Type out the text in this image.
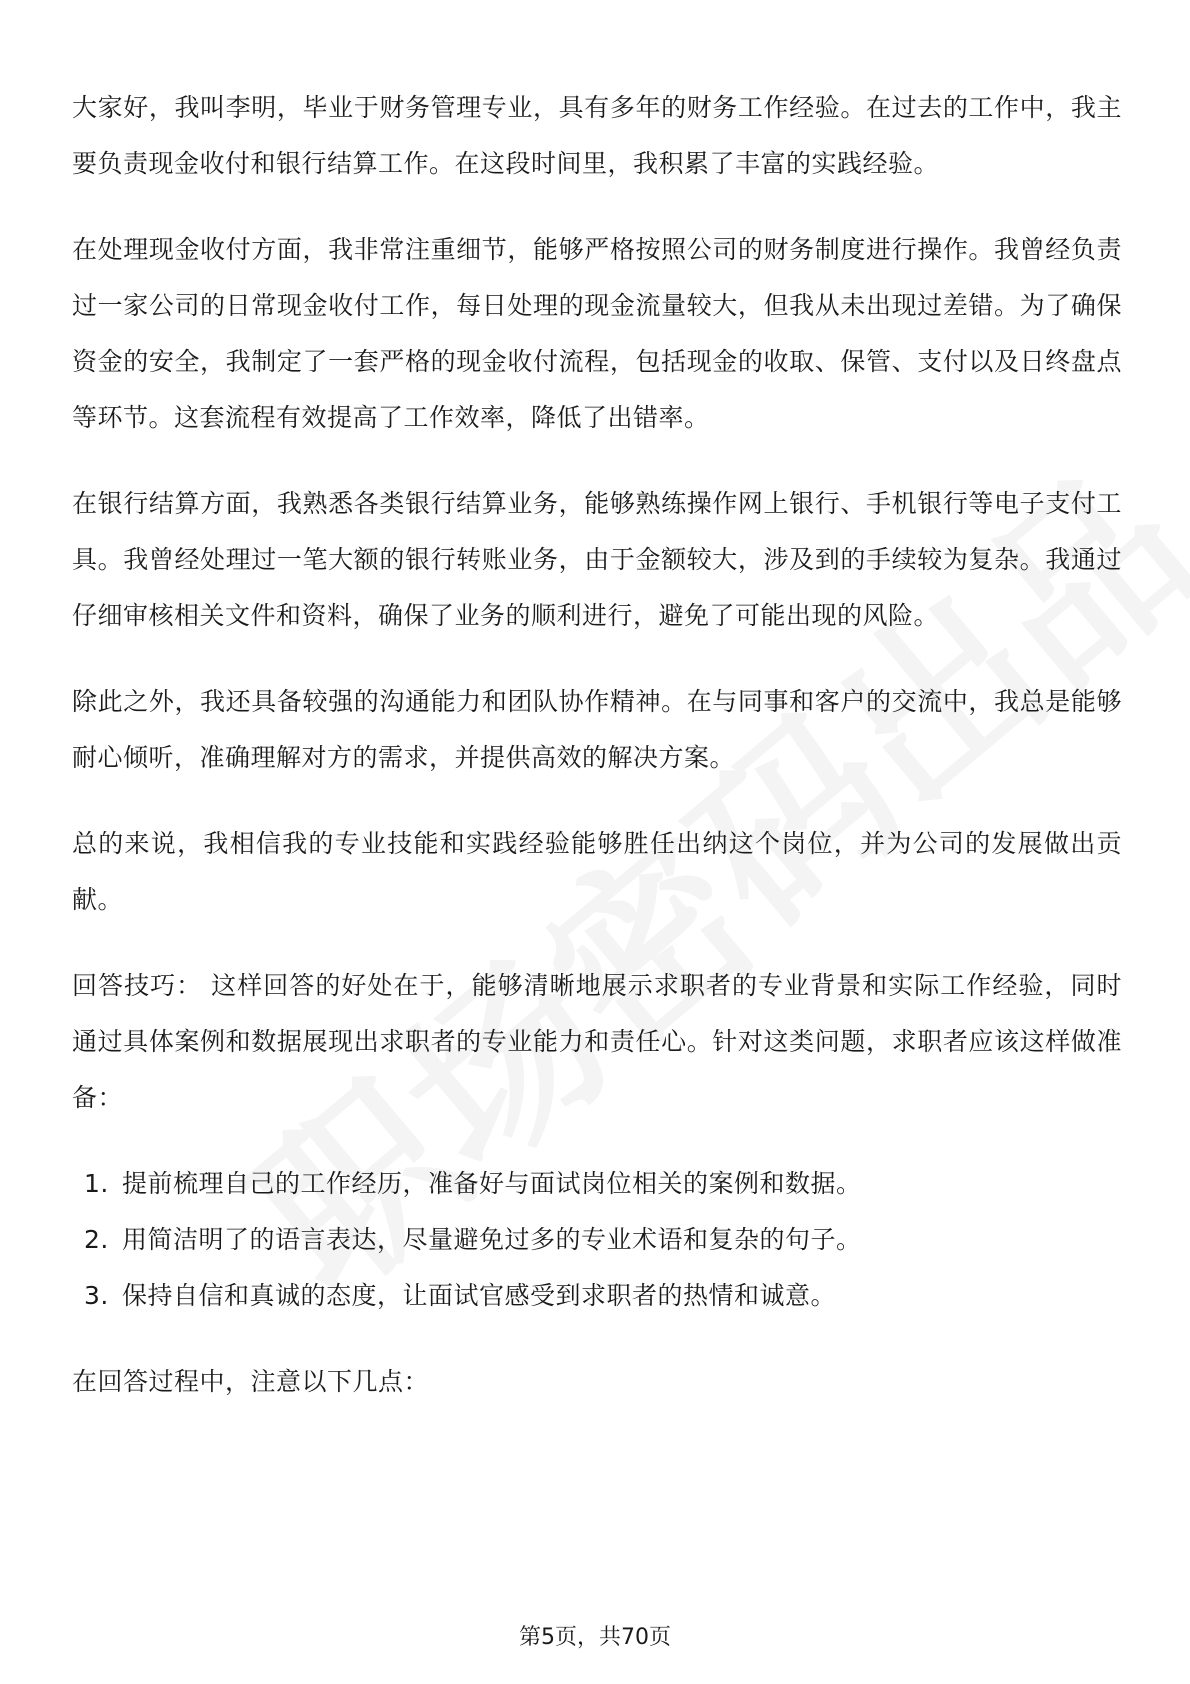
大家好，我叫李明，毕业于财务管理专业，具有多年的财务工作经验。在过去的工作中，我主要负责现金收付和银行结算工作。在这段时间里，我积累了丰富的实践经验。

在处理现金收付方面，我非常注重细节，能够严格按照公司的财务制度进行操作。我曾经负责过一家公司的日常现金收付工作，每日处理的现金流量较大，但我从未出现过差错。为了确保资金的安全，我制定了一套严格的现金收付流程，包括现金的收取、保管、支付以及日终盘点等环节。这套流程有效提高了工作效率，降低了出错率。

在银行结算方面，我熟悉各类银行结算业务，能够熟练操作网上银行、手机银行等电子支付工具。我曾经处理过一笔大额的银行转账业务，由于金额较大，涉及到的手续较为复杂。我通过仔细审核相关文件和资料，确保了业务的顺利进行，避免了可能出现的风险。

除此之外，我还具备较强的沟通能力和团队协作精神。在与同事和客户的交流中，我总是能够耐心倾听，准确理解对方的需求，并提供高效的解决方案。

总的来说，我相信我的专业技能和实践经验能够胜任出纳这个岗位，并为公司的发展做出贡献。

回答技巧： 这样回答的好处在于，能够清晰地展示求职者的专业背景和实际工作经验，同时通过具体案例和数据展现出求职者的专业能力和责任心。针对这类问题，求职者应该这样做准备：

1. 提前梳理自己的工作经历，准备好与面试岗位相关的案例和数据。
2. 用简洁明了的语言表达，尽量避免过多的专业术语和复杂的句子。
3. 保持自信和真诚的态度，让面试官感受到求职者的热情和诚意。

在回答过程中，注意以下几点：

第5页，共70页
